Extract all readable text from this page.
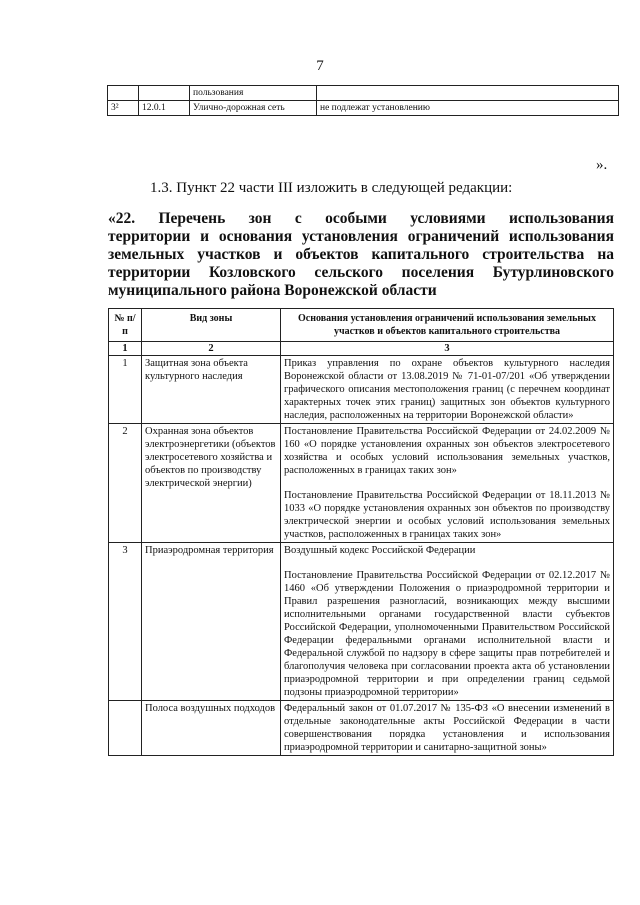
7
		пользования	
3²	12.0.1	Улично-дорожная сеть	не подлежат установлению
».
1.3. Пункт 22 части III изложить в следующей редакции:
«22. Перечень зон с особыми условиями использования
территории и основания установления ограничений использования
земельных участков и объектов капитального строительства на
территории Козловского сельского поселения Бутурлиновского
муниципального района Воронежской области
№ п/п	Вид зоны	Основания установления ограничений использования земельных участков и объектов капитального строительства
1	2	3
1	Защитная зона объекта культурного наследия	Приказ управления по охране объектов культурного наследия Воронежской области от 13.08.2019 № 71-01-07/201 «Об утверждении графического описания местоположения границ (с перечнем координат характерных точек этих границ) защитных зон объектов культурного наследия, расположенных на территории Воронежской области»

2	Охранная зона объектов электроэнергетики (объектов электросетевого хозяйства и объектов по производству электрической энергии)	Постановление Правительства Российской Федерации от 24.02.2009 № 160 «О порядке установления охранных зон объектов электросетевого хозяйства и особых условий использования земельных участков, расположенных в границах таких зон»

Постановление Правительства Российской Федерации от 18.11.2013 № 1033 «О порядке установления охранных зон объектов по производству электрической энергии и особых условий использования земельных участков, расположенных в границах таких зон»

3	Приаэродромная территория	Воздушный кодекс Российской Федерации

Постановление Правительства Российской Федерации от 02.12.2017 № 1460 «Об утверждении Положения о приаэродромной территории и Правил разрешения разногласий, возникающих между высшими исполнительными органами государственной власти субъектов Российской Федерации, уполномоченными Правительством Российской Федерации федеральными органами исполнительной власти и Федеральной службой по надзору в сфере защиты прав потребителей и благополучия человека при согласовании проекта акта об установлении приаэродромной территории и при определении границ седьмой подзоны приаэродромной территории»

	Полоса воздушных подходов	Федеральный закон от 01.07.2017 № 135-ФЗ «О внесении изменений в отдельные законодательные акты Российской Федерации в части совершенствования порядка установления и использования приаэродромной территории и санитарно-защитной зоны»
